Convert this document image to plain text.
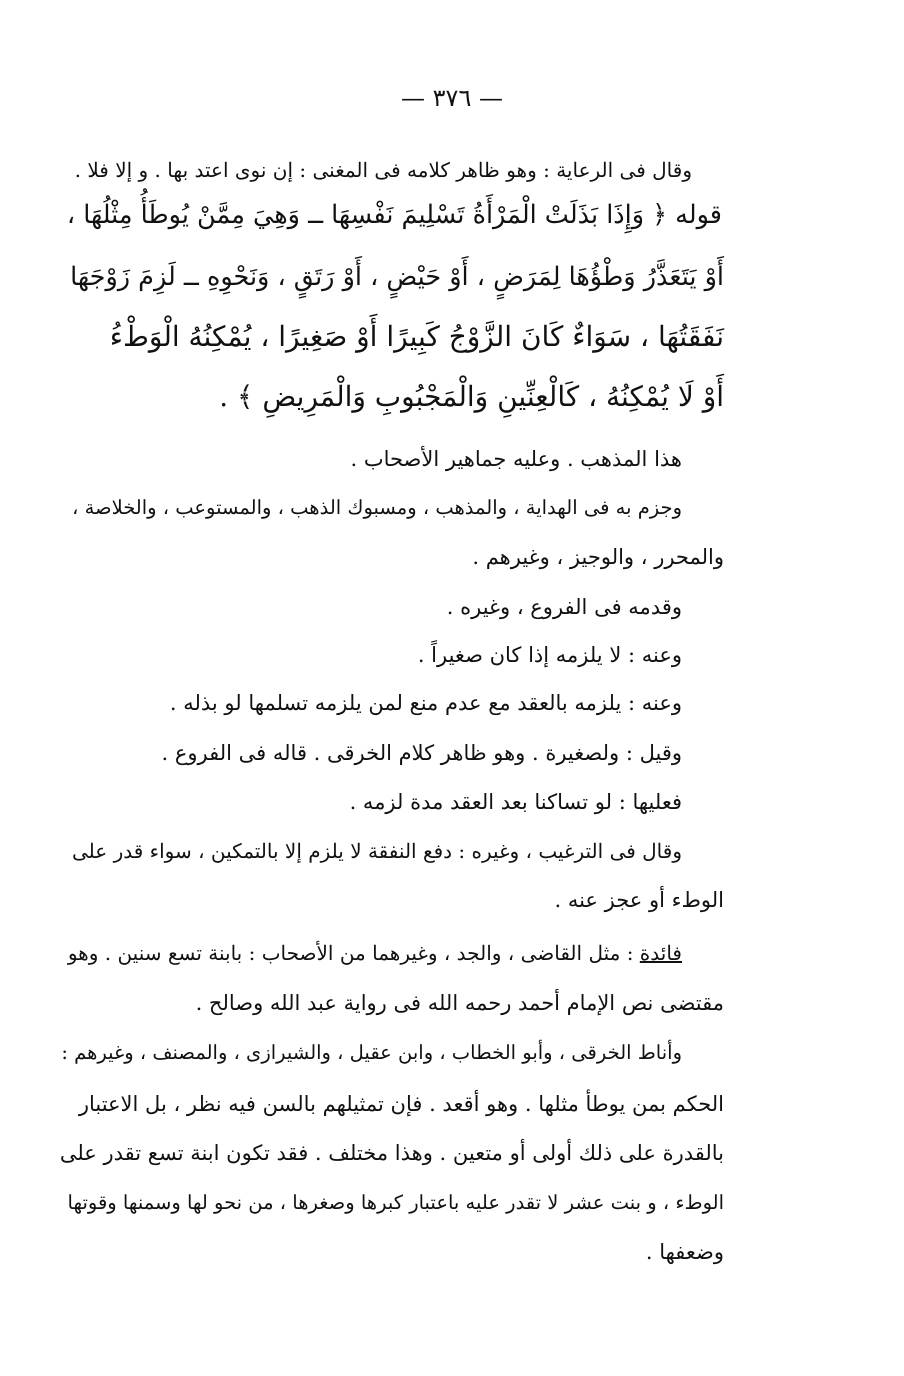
— ٣٧٦ —
وقال فى الرعاية : وهو ظاهر كلامه فى المغنى : إن نوى اعتد بها . و إلا فلا .
قوله ﴿ وَإِذَا بَذَلَتْ الْمَرْأَةُ تَسْلِيمَ نَفْسِهَا ــ وَهِيَ مِمَّنْ يُوطَأُ مِثْلُهَا ،
أَوْ يَتَعَذَّرُ وَطْؤُهَا لِمَرَضٍ ، أَوْ حَيْضٍ ، أَوْ رَتَقٍ ، وَنَحْوِهِ ــ لَزِمَ زَوْجَهَا
نَفَقَتُهَا ، سَوَاءٌ كَانَ الزَّوْجُ كَبِيرًا أَوْ صَغِيرًا ، يُمْكِنُهُ الْوَطْءُ
أَوْ لَا يُمْكِنُهُ ، كَالْعِنِّينِ وَالْمَجْبُوبِ وَالْمَرِيضِ ﴾ .
هذا المذهب . وعليه جماهير الأصحاب .
وجزم به فى الهداية ، والمذهب ، ومسبوك الذهب ، والمستوعب ، والخلاصة ،
والمحرر ، والوجيز ، وغيرهم .
وقدمه فى الفروع ، وغيره .
وعنه : لا يلزمه إذا كان صغيراً .
وعنه : يلزمه بالعقد مع عدم منع لمن يلزمه تسلمها لو بذله .
وقيل : ولصغيرة . وهو ظاهر كلام الخرقى . قاله فى الفروع .
فعليها : لو تساكنا بعد العقد مدة لزمه .
وقال فى الترغيب ، وغيره : دفع النفقة لا يلزم إلا بالتمكين ، سواء قدر على
الوطء أو عجز عنه .
فائدة : مثل القاضى ، والجد ، وغيرهما من الأصحاب : بابنة تسع سنين . وهو
مقتضى نص الإمام أحمد رحمه الله فى رواية عبد الله وصالح .
وأناط الخرقى ، وأبو الخطاب ، وابن عقيل ، والشيرازى ، والمصنف ، وغيرهم :
الحكم بمن يوطأ مثلها . وهو أقعد . فإن تمثيلهم بالسن فيه نظر ، بل الاعتبار
بالقدرة على ذلك أولى أو متعين . وهذا مختلف . فقد تكون ابنة تسع تقدر على
الوطء ، و بنت عشر لا تقدر عليه باعتبار كبرها وصغرها ، من نحو لها وسمنها وقوتها
وضعفها .
